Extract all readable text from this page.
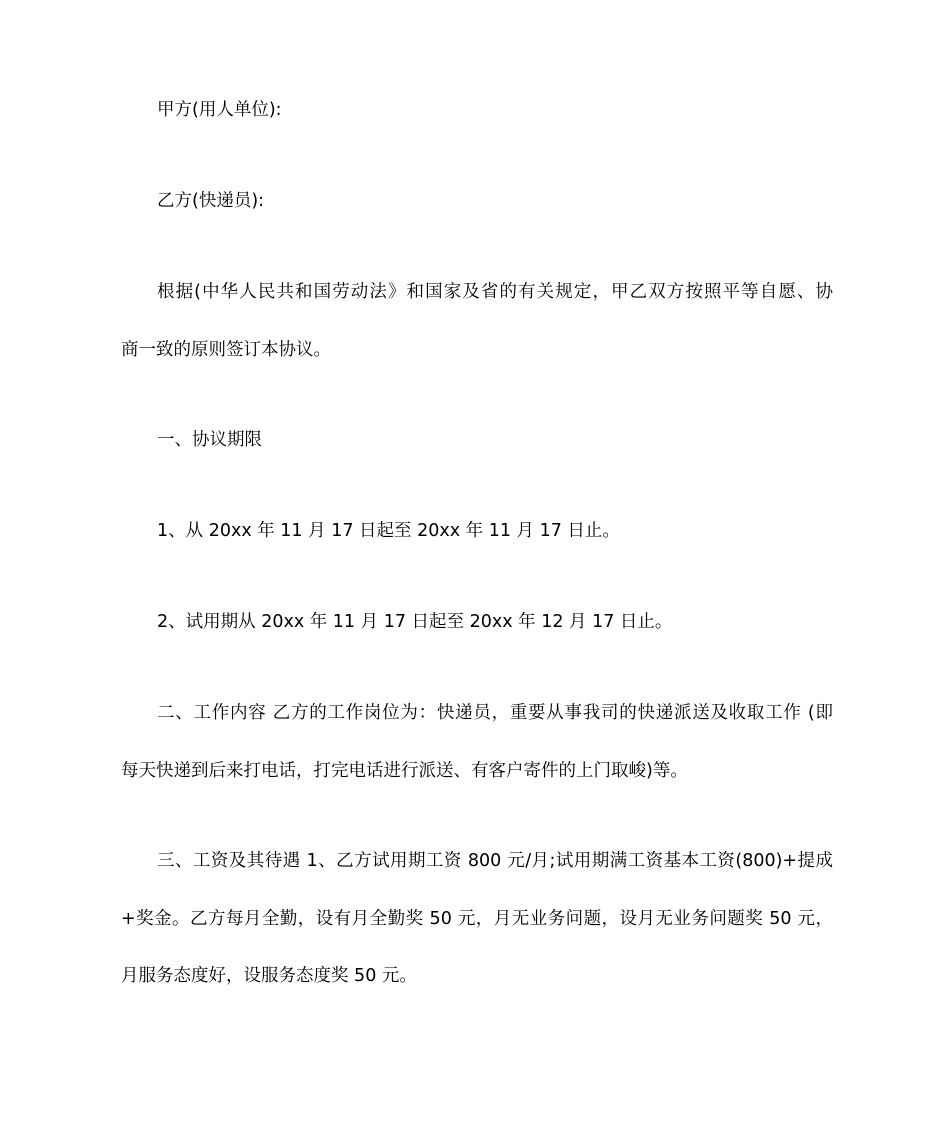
甲方(用人单位):
乙方(快递员):
根据(中华人民共和国劳动法》和国家及省的有关规定，甲乙双方按照平等自愿、协
商一致的原则签订本协议。
一、协议期限
1、从 20xx 年 11 月 17 日起至 20xx 年 11 月 17 日止。
2、试用期从 20xx 年 11 月 17 日起至 20xx 年 12 月 17 日止。
二、工作内容 乙方的工作岗位为：快递员，重要从事我司的快递派送及收取工作 (即
每天快递到后来打电话，打完电话进行派送、有客户寄件的上门取峻)等。
三、工资及其待遇 1、乙方试用期工资 800 元/月;试用期满工资基本工资(800)+提成
+奖金。乙方每月全勤，设有月全勤奖 50 元，月无业务问题，设月无业务问题奖 50 元，
月服务态度好，设服务态度奖 50 元。
